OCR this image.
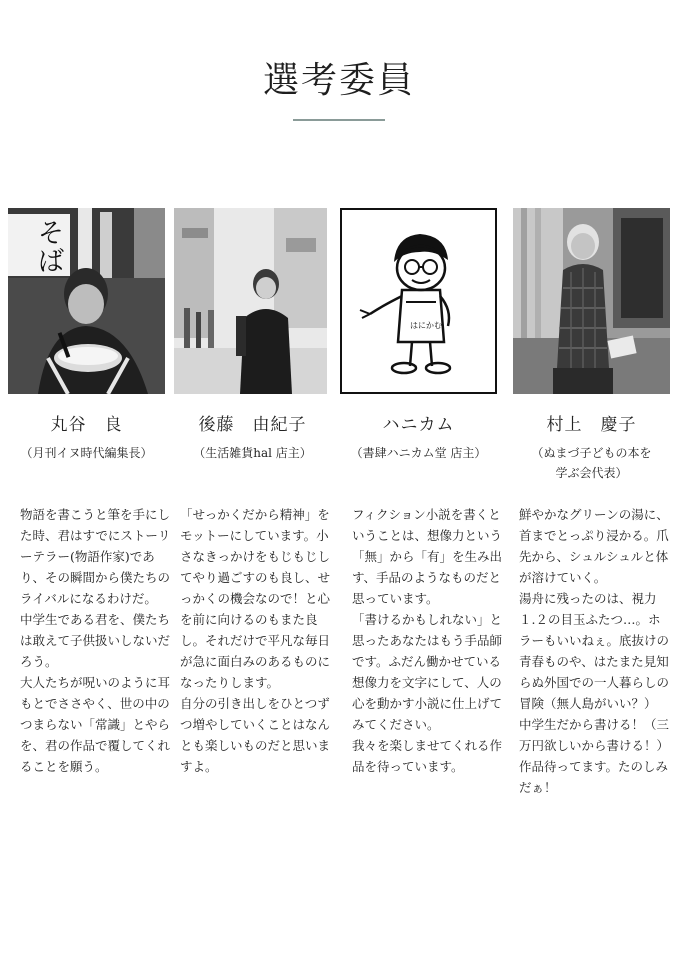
選考委員
そ
ば
丸谷　良
（月刊イヌ時代編集長）

物語を書こうと筆を手にした時、君はすでにストーリーテラー(物語作家)であり、その瞬間から僕たちのライバルになるわけだ。

中学生である君を、僕たちは敢えて子供扱いしないだろう。

大人たちが呪いのように耳もとでささやく、世の中のつまらない「常識」とやらを、君の作品で覆してくれることを願う。

後藤　由紀子
（生活雑貨hal 店主）

「せっかくだから精神」をモットーにしています。小さなきっかけをもじもじしてやり過ごすのも良し、せっかくの機会なので！と心を前に向けるのもまた良し。それだけで平凡な毎日が急に面白みのあるものになったりします。

自分の引き出しをひとつずつ増やしていくことはなんとも楽しいものだと思いますよ。

はにかむ
ハニカム
（書肆ハニカム堂 店主）

フィクション小説を書くということは、想像力という「無」から「有」を生み出す、手品のようなものだと思っています。

「書けるかもしれない」と思ったあなたはもう手品師です。ふだん働かせている想像力を文字にして、人の心を動かす小説に仕上げてみてください。

我々を楽しませてくれる作品を待っています。

村上　慶子
（ぬまづ子どもの本を
学ぶ会代表）

鮮やかなグリーンの湯に、首までとっぷり浸かる。爪先から、シュルシュルと体が溶けていく。

湯舟に残ったのは、視力１.２の目玉ふたつ…。ホラーもいいねぇ。底抜けの青春ものや、はたまた見知らぬ外国での一人暮らしの冒険（無人島がいい？）

中学生だから書ける！（三万円欲しいから書ける！）

作品待ってます。たのしみだぁ！
